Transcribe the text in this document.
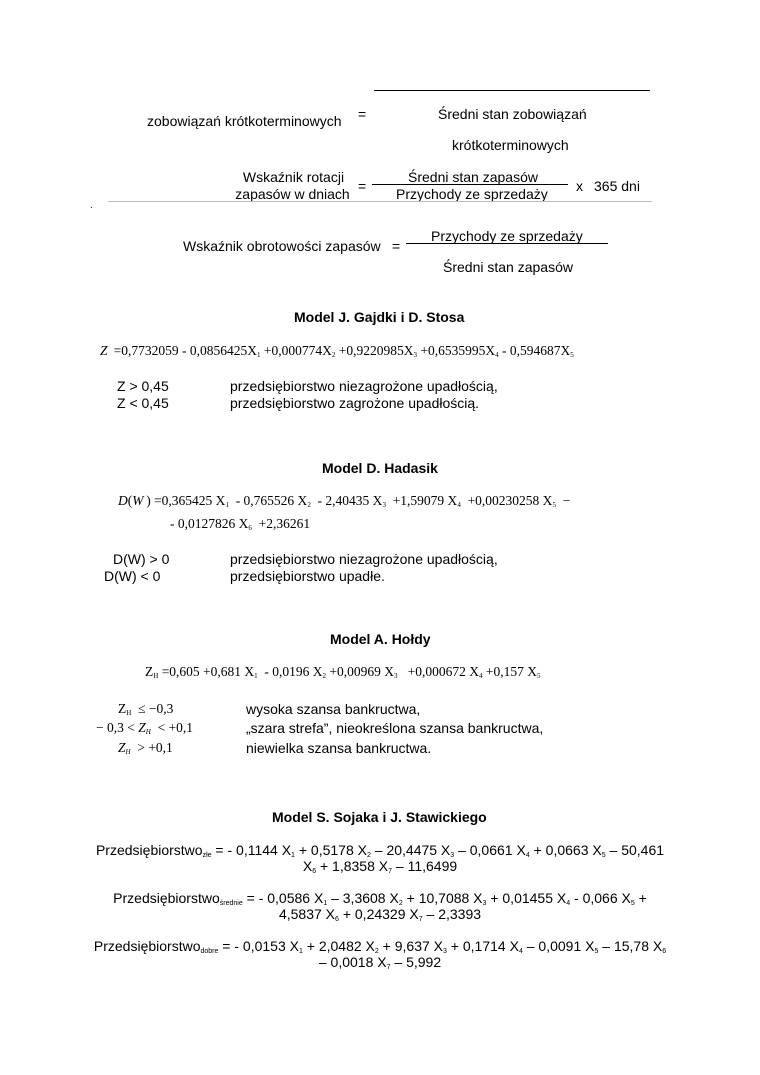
zobowiązań krótkoterminowych =	Średni stan zobowiązań
krótkoterminowych
Wskaźnik rotacji
zapasów w dniach =
Średni stan zapasów
Przychody ze sprzedaży x 365 dni
.
Wskaźnik obrotowości zapasów =
Przychody ze sprzedaży
Średni stan zapasów
Model J. Gajdki i D. Stosa
$Z =0,7732059 - 0,0856425X_1 +0,000774X_2 +0,9220985X_3 +0,6535995X_4 - 0,594687X_5$
Z > 0,45	przedsiębiorstwo niezagrożone upadłością,
Z < 0,45	przedsiębiorstwo zagrożone upadłością.
Model D. Hadasik
D(W ) =0,365425 $X_1 - 0,765526$ $X_2 - 2,40435$ $X_3 +1,59079$ $X_4 +0,00230258$ $X_5$  −
- 0,0127826 $X_6 +2,36261$
D(W) > 0	przedsiębiorstwo niezagrożone upadłością,
D(W) < 0	przedsiębiorstwo upadłe.
Model A. Hołdy
$Z_H =0,605 +0,681$ $X_1 - 0,0196$ $X_2 +0,00969$ $X_3 +0,000672$ $X_4 +0,157$ $X_5$
$Z_H \le -0,3$	wysoka szansa bankructwa,
− $0,3 < Z_H < +0,1$	„szara strefa”, nieokreślona szansa bankructwa,
$Z_H > +0,1$	niewielka szansa bankructwa.
Model S. Sojaka i J. Stawickiego
Przedsiębiorstwozłe = - 0,1144 $X_1 + 0,5178$ $X_2 - 20,4475$ $X_3 - 0,0661$ $X_4 + 0,0663$ $X_5 - 50,461$
$X_6 + 1,8358$ $X_7 - 11,6499$
Przedsiębiorstwośrednie = - 0,0586 $X_1 - 3,3608$ $X_2 + 10,7088$ $X_3 + 0,01455$ $X_4 - 0,066$ $X_5$ +
4,5837 $X_6 + 0,24329$ $X_7 - 2,3393$
Przedsiębiorstwodobre = - 0,0153 $X_1 + 2,0482$ $X_2 + 9,637$ $X_3 + 0,1714$ $X_4 - 0,0091$ $X_5 - 15,78$ $X_6$
– 0,0018 $X_7 - 5,992$
